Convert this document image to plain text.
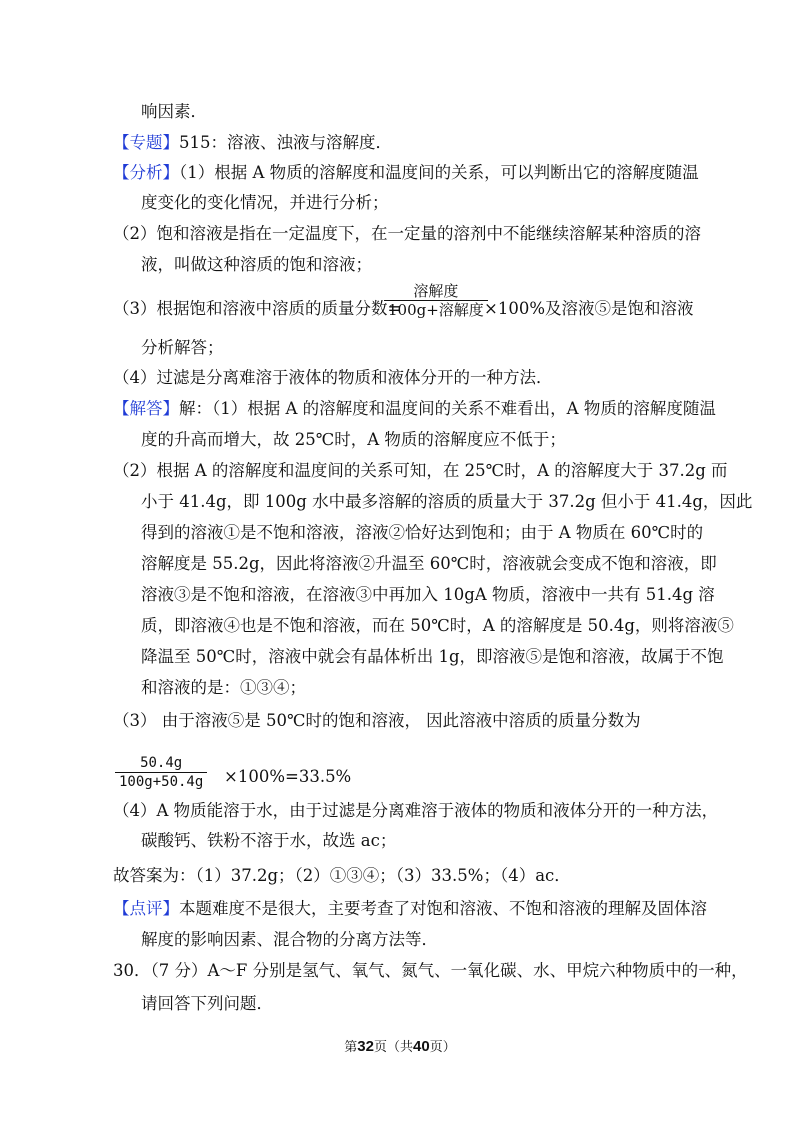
响因素．
【专题】515：溶液、浊液与溶解度．
【分析】（1）根据 A 物质的溶解度和温度间的关系，可以判断出它的溶解度随温
度变化的变化情况，并进行分析；
（2）饱和溶液是指在一定温度下，在一定量的溶剂中不能继续溶解某种溶质的溶
液，叫做这种溶质的饱和溶液；
（3）根据饱和溶液中溶质的质量分数=
溶解度
100g+溶解度 ×100%及溶液⑤是饱和溶液
分析解答；
（4）过滤是分离难溶于液体的物质和液体分开的一种方法．
【解答】解：（1）根据 A 的溶解度和温度间的关系不难看出，A 物质的溶解度随温
度的升高而增大，故 25℃时，A 物质的溶解度应不低于；
（2）根据 A 的溶解度和温度间的关系可知，在 25℃时，A 的溶解度大于 37.2g 而
小于 41.4g，即 100g 水中最多溶解的溶质的质量大于 37.2g 但小于 41.4g，因此
得到的溶液①是不饱和溶液，溶液②恰好达到饱和；由于 A 物质在 60℃时的
溶解度是 55.2g，因此将溶液②升温至 60℃时，溶液就会变成不饱和溶液，即
溶液③是不饱和溶液，在溶液③中再加入 10gA 物质，溶液中一共有 51.4g 溶
质，即溶液④也是不饱和溶液，而在 50℃时，A 的溶解度是 50.4g，则将溶液⑤
降温至 50℃时，溶液中就会有晶体析出 1g，即溶液⑤是饱和溶液，故属于不饱
和溶液的是：①③④；
（3） 由于溶液⑤是 50℃时的饱和溶液， 因此溶液中溶质的质量分数为
$\frac{50.4g}{100g+50.4g} \times 100\%=33.5\%$
（4）A 物质能溶于水，由于过滤是分离难溶于液体的物质和液体分开的一种方法，
碳酸钙、铁粉不溶于水，故选 ac；
故答案为：（1）37.2g；（2）①③④；（3）33.5%；（4）ac．
【点评】本题难度不是很大，主要考查了对饱和溶液、不饱和溶液的理解及固体溶
解度的影响因素、混合物的分离方法等．
30．（7 分）A～F 分别是氢气、氧气、氮气、一氧化碳、水、甲烷六种物质中的一种，
请回答下列问题．
第32页（共40页）
